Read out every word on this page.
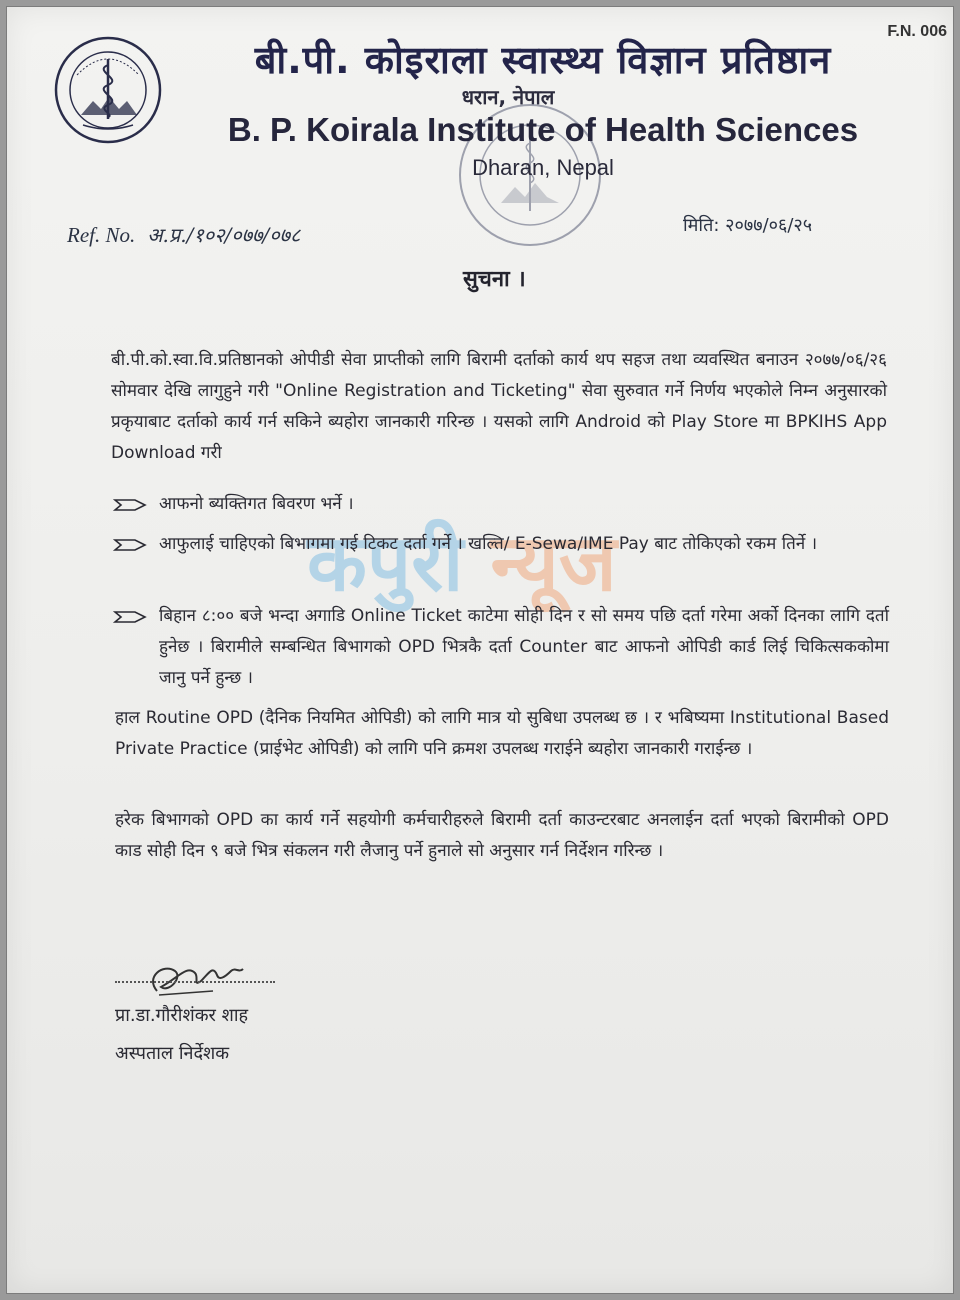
F.N. 006
बी.पी. कोइराला स्वास्थ्य विज्ञान प्रतिष्ठान
धरान, नेपाल
B. P. Koirala Institute of Health Sciences
Dharan, Nepal
Ref. No. अ.प्र./१०२/०७७/०७८	मिति: २०७७/०६/२५
सुचना ।
कपुरी न्यूज
बी.पी.को.स्वा.वि.प्रतिष्ठानको ओपीडी सेवा प्राप्तीको लागि बिरामी दर्ताको कार्य थप सहज तथा व्यवस्थित बनाउन २०७७/०६/२६ सोमवार देखि लागुहुने गरी "Online Registration and Ticketing" सेवा सुरुवात गर्ने निर्णय भएकोले निम्न अनुसारको प्रकृयाबाट दर्ताको कार्य गर्न सकिने ब्यहोरा जानकारी गरिन्छ । यसको लागि Android को Play Store मा BPKIHS App Download गरी
आफनो ब्यक्तिगत बिवरण भर्ने ।
आफुलाई चाहिएको बिभागमा गई टिकट दर्ता गर्ने । खल्ति/ E-Sewa/IME Pay बाट तोकिएको रकम तिर्ने ।
बिहान ८:०० बजे भन्दा अगाडि Online Ticket काटेमा सोही दिन र सो समय पछि दर्ता गरेमा अर्को दिनका लागि दर्ता हुनेछ । बिरामीले सम्बन्धित बिभागको OPD भित्रकै दर्ता Counter बाट आफनो ओपिडी कार्ड लिई चिकित्सककोमा जानु पर्ने हुन्छ ।
हाल Routine OPD (दैनिक नियमित ओपिडी) को लागि मात्र यो सुबिधा उपलब्ध छ । र भबिष्यमा Institutional Based Private Practice (प्राईभेट ओपिडी) को लागि पनि क्रमश उपलब्ध गराईने ब्यहोरा जानकारी गराईन्छ ।
हरेक बिभागको OPD का कार्य गर्ने सहयोगी कर्मचारीहरुले बिरामी दर्ता काउन्टरबाट अनलाईन दर्ता भएको बिरामीको OPD काड सोही दिन ९ बजे भित्र संकलन गरी लैजानु पर्ने हुनाले सो अनुसार गर्न निर्देशन गरिन्छ ।
प्रा.डा.गौरीशंकर शाह
अस्पताल निर्देशक
